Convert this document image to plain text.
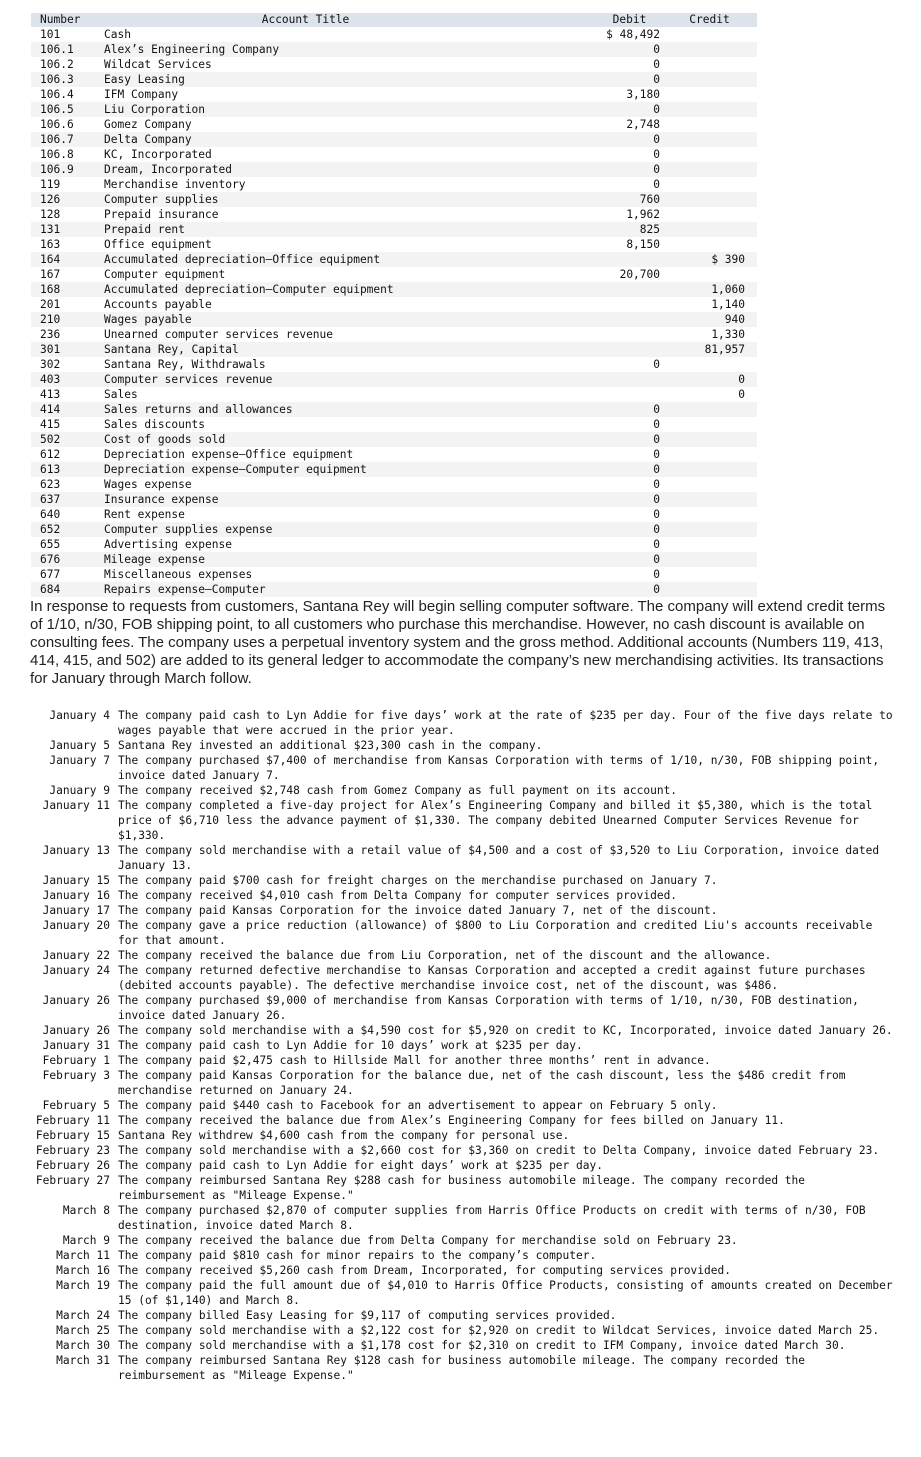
Number	Account Title	Debit	Credit
101	Cash	$ 48,492	
106.1	Alex’s Engineering Company	0	
106.2	Wildcat Services	0	
106.3	Easy Leasing	0	
106.4	IFM Company	3,180	
106.5	Liu Corporation	0	
106.6	Gomez Company	2,748	
106.7	Delta Company	0	
106.8	KC, Incorporated	0	
106.9	Dream, Incorporated	0	
119	Merchandise inventory	0	
126	Computer supplies	760	
128	Prepaid insurance	1,962	
131	Prepaid rent	825	
163	Office equipment	8,150	
164	Accumulated depreciation—Office equipment		$ 390
167	Computer equipment	20,700	
168	Accumulated depreciation—Computer equipment		1,060
201	Accounts payable		1,140
210	Wages payable		940
236	Unearned computer services revenue		1,330
301	Santana Rey, Capital		81,957
302	Santana Rey, Withdrawals	0	
403	Computer services revenue		0
413	Sales		0
414	Sales returns and allowances	0	
415	Sales discounts	0	
502	Cost of goods sold	0	
612	Depreciation expense—Office equipment	0	
613	Depreciation expense—Computer equipment	0	
623	Wages expense	0	
637	Insurance expense	0	
640	Rent expense	0	
652	Computer supplies expense	0	
655	Advertising expense	0	
676	Mileage expense	0	
677	Miscellaneous expenses	0	
684	Repairs expense—Computer	0	

In response to requests from customers, Santana Rey will begin selling computer software. The company will extend credit terms of 1/10, n/30, FOB shipping point, to all customers who purchase this merchandise. However, no cash discount is available on consulting fees. The company uses a perpetual inventory system and the gross method. Additional accounts (Numbers 119, 413, 414, 415, and 502) are added to its general ledger to accommodate the company’s new merchandising activities. Its transactions for January through March follow.

January 4	The company paid cash to Lyn Addie for five days’ work at the rate of $235 per day. Four of the five days relate to wages payable that were accrued in the prior year.
January 5	Santana Rey invested an additional $23,300 cash in the company.
January 7	The company purchased $7,400 of merchandise from Kansas Corporation with terms of 1/10, n/30, FOB shipping point, invoice dated January 7.
January 9	The company received $2,748 cash from Gomez Company as full payment on its account.
January 11	The company completed a five-day project for Alex’s Engineering Company and billed it $5,380, which is the total price of $6,710 less the advance payment of $1,330. The company debited Unearned Computer Services Revenue for $1,330.
January 13	The company sold merchandise with a retail value of $4,500 and a cost of $3,520 to Liu Corporation, invoice dated January 13.
January 15	The company paid $700 cash for freight charges on the merchandise purchased on January 7.
January 16	The company received $4,010 cash from Delta Company for computer services provided.
January 17	The company paid Kansas Corporation for the invoice dated January 7, net of the discount.
January 20	The company gave a price reduction (allowance) of $800 to Liu Corporation and credited Liu's accounts receivable for that amount.
January 22	The company received the balance due from Liu Corporation, net of the discount and the allowance.
January 24	The company returned defective merchandise to Kansas Corporation and accepted a credit against future purchases (debited accounts payable). The defective merchandise invoice cost, net of the discount, was $486.
January 26	The company purchased $9,000 of merchandise from Kansas Corporation with terms of 1/10, n/30, FOB destination, invoice dated January 26.
January 26	The company sold merchandise with a $4,590 cost for $5,920 on credit to KC, Incorporated, invoice dated January 26.
January 31	The company paid cash to Lyn Addie for 10 days’ work at $235 per day.
February 1	The company paid $2,475 cash to Hillside Mall for another three months’ rent in advance.
February 3	The company paid Kansas Corporation for the balance due, net of the cash discount, less the $486 credit from merchandise returned on January 24.
February 5	The company paid $440 cash to Facebook for an advertisement to appear on February 5 only.
February 11	The company received the balance due from Alex’s Engineering Company for fees billed on January 11.
February 15	Santana Rey withdrew $4,600 cash from the company for personal use.
February 23	The company sold merchandise with a $2,660 cost for $3,360 on credit to Delta Company, invoice dated February 23.
February 26	The company paid cash to Lyn Addie for eight days’ work at $235 per day.
February 27	The company reimbursed Santana Rey $288 cash for business automobile mileage. The company recorded the reimbursement as "Mileage Expense."
March 8	The company purchased $2,870 of computer supplies from Harris Office Products on credit with terms of n/30, FOB destination, invoice dated March 8.
March 9	The company received the balance due from Delta Company for merchandise sold on February 23.
March 11	The company paid $810 cash for minor repairs to the company’s computer.
March 16	The company received $5,260 cash from Dream, Incorporated, for computing services provided.
March 19	The company paid the full amount due of $4,010 to Harris Office Products, consisting of amounts created on December 15 (of $1,140) and March 8.
March 24	The company billed Easy Leasing for $9,117 of computing services provided.
March 25	The company sold merchandise with a $2,122 cost for $2,920 on credit to Wildcat Services, invoice dated March 25.
March 30	The company sold merchandise with a $1,178 cost for $2,310 on credit to IFM Company, invoice dated March 30.
March 31	The company reimbursed Santana Rey $128 cash for business automobile mileage. The company recorded the reimbursement as "Mileage Expense."
